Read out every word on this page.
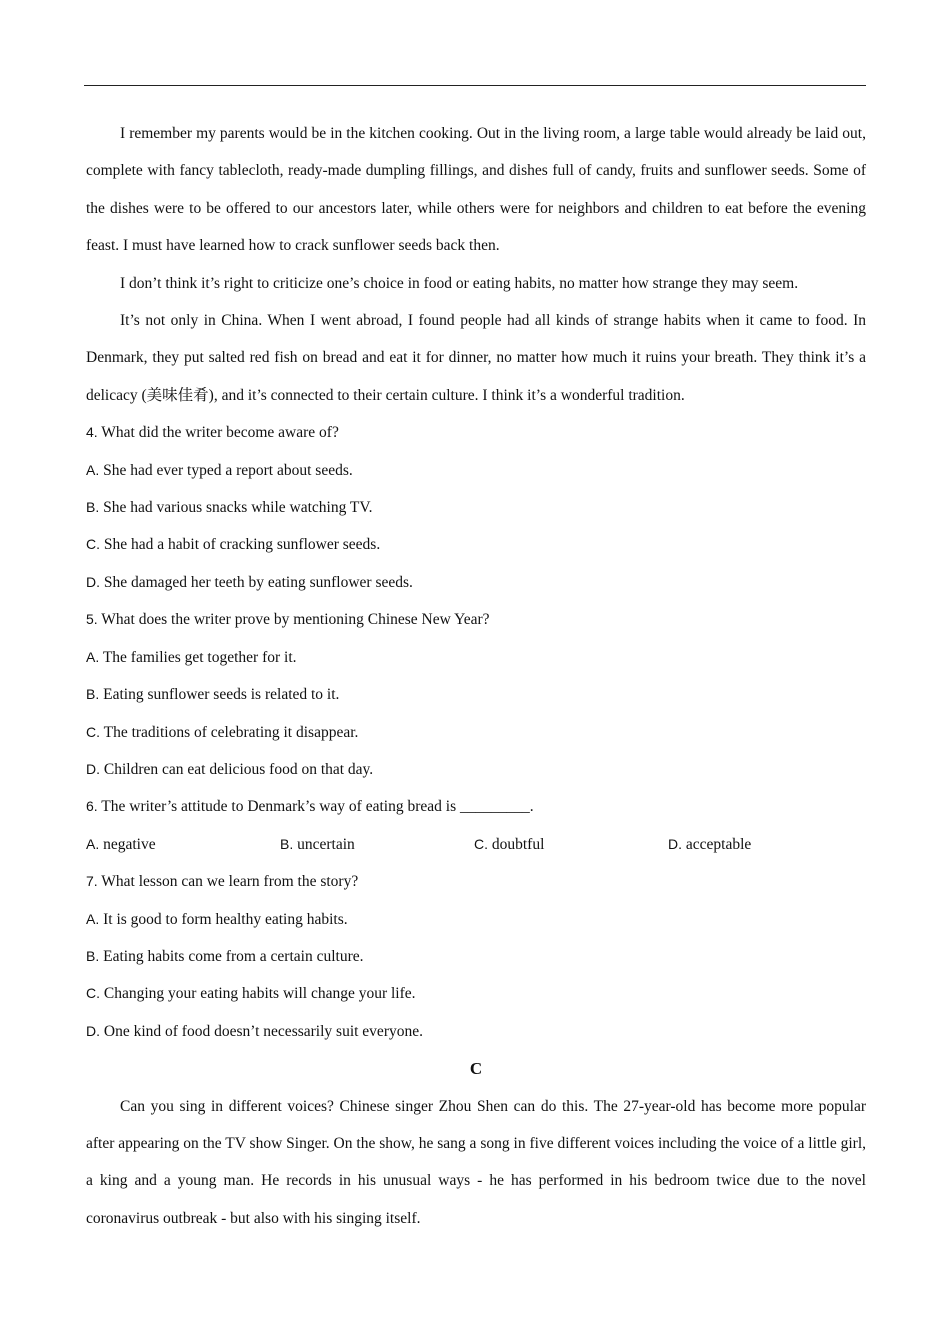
I remember my parents would be in the kitchen cooking. Out in the living room, a large table would already be laid out, complete with fancy tablecloth, ready-made dumpling fillings, and dishes full of candy, fruits and sunflower seeds. Some of the dishes were to be offered to our ancestors later, while others were for neighbors and children to eat before the evening feast. I must have learned how to crack sunflower seeds back then.

I don’t think it’s right to criticize one’s choice in food or eating habits, no matter how strange they may seem.

It’s not only in China. When I went abroad, I found people had all kinds of strange habits when it came to food. In Denmark, they put salted red fish on bread and eat it for dinner, no matter how much it ruins your breath. They think it’s a delicacy (美味佳肴), and it’s connected to their certain culture. I think it’s a wonderful tradition.

4. What did the writer become aware of?

A. She had ever typed a report about seeds.

B. She had various snacks while watching TV.

C. She had a habit of cracking sunflower seeds.

D. She damaged her teeth by eating sunflower seeds.

5. What does the writer prove by mentioning Chinese New Year?

A. The families get together for it.

B. Eating sunflower seeds is related to it.

C. The traditions of celebrating it disappear.

D. Children can eat delicious food on that day.

6. The writer’s attitude to Denmark’s way of eating bread is _________.

A. negative	B. uncertain	C. doubtful	D. acceptable

7. What lesson can we learn from the story?

A. It is good to form healthy eating habits.

B. Eating habits come from a certain culture.

C. Changing your eating habits will change your life.

D. One kind of food doesn’t necessarily suit everyone.

C

Can you sing in different voices? Chinese singer Zhou Shen can do this. The 27-year-old has become more popular after appearing on the TV show Singer. On the show, he sang a song in five different voices including the voice of a little girl, a king and a young man. He records in his unusual ways - he has performed in his bedroom twice due to the novel coronavirus outbreak - but also with his singing itself.
